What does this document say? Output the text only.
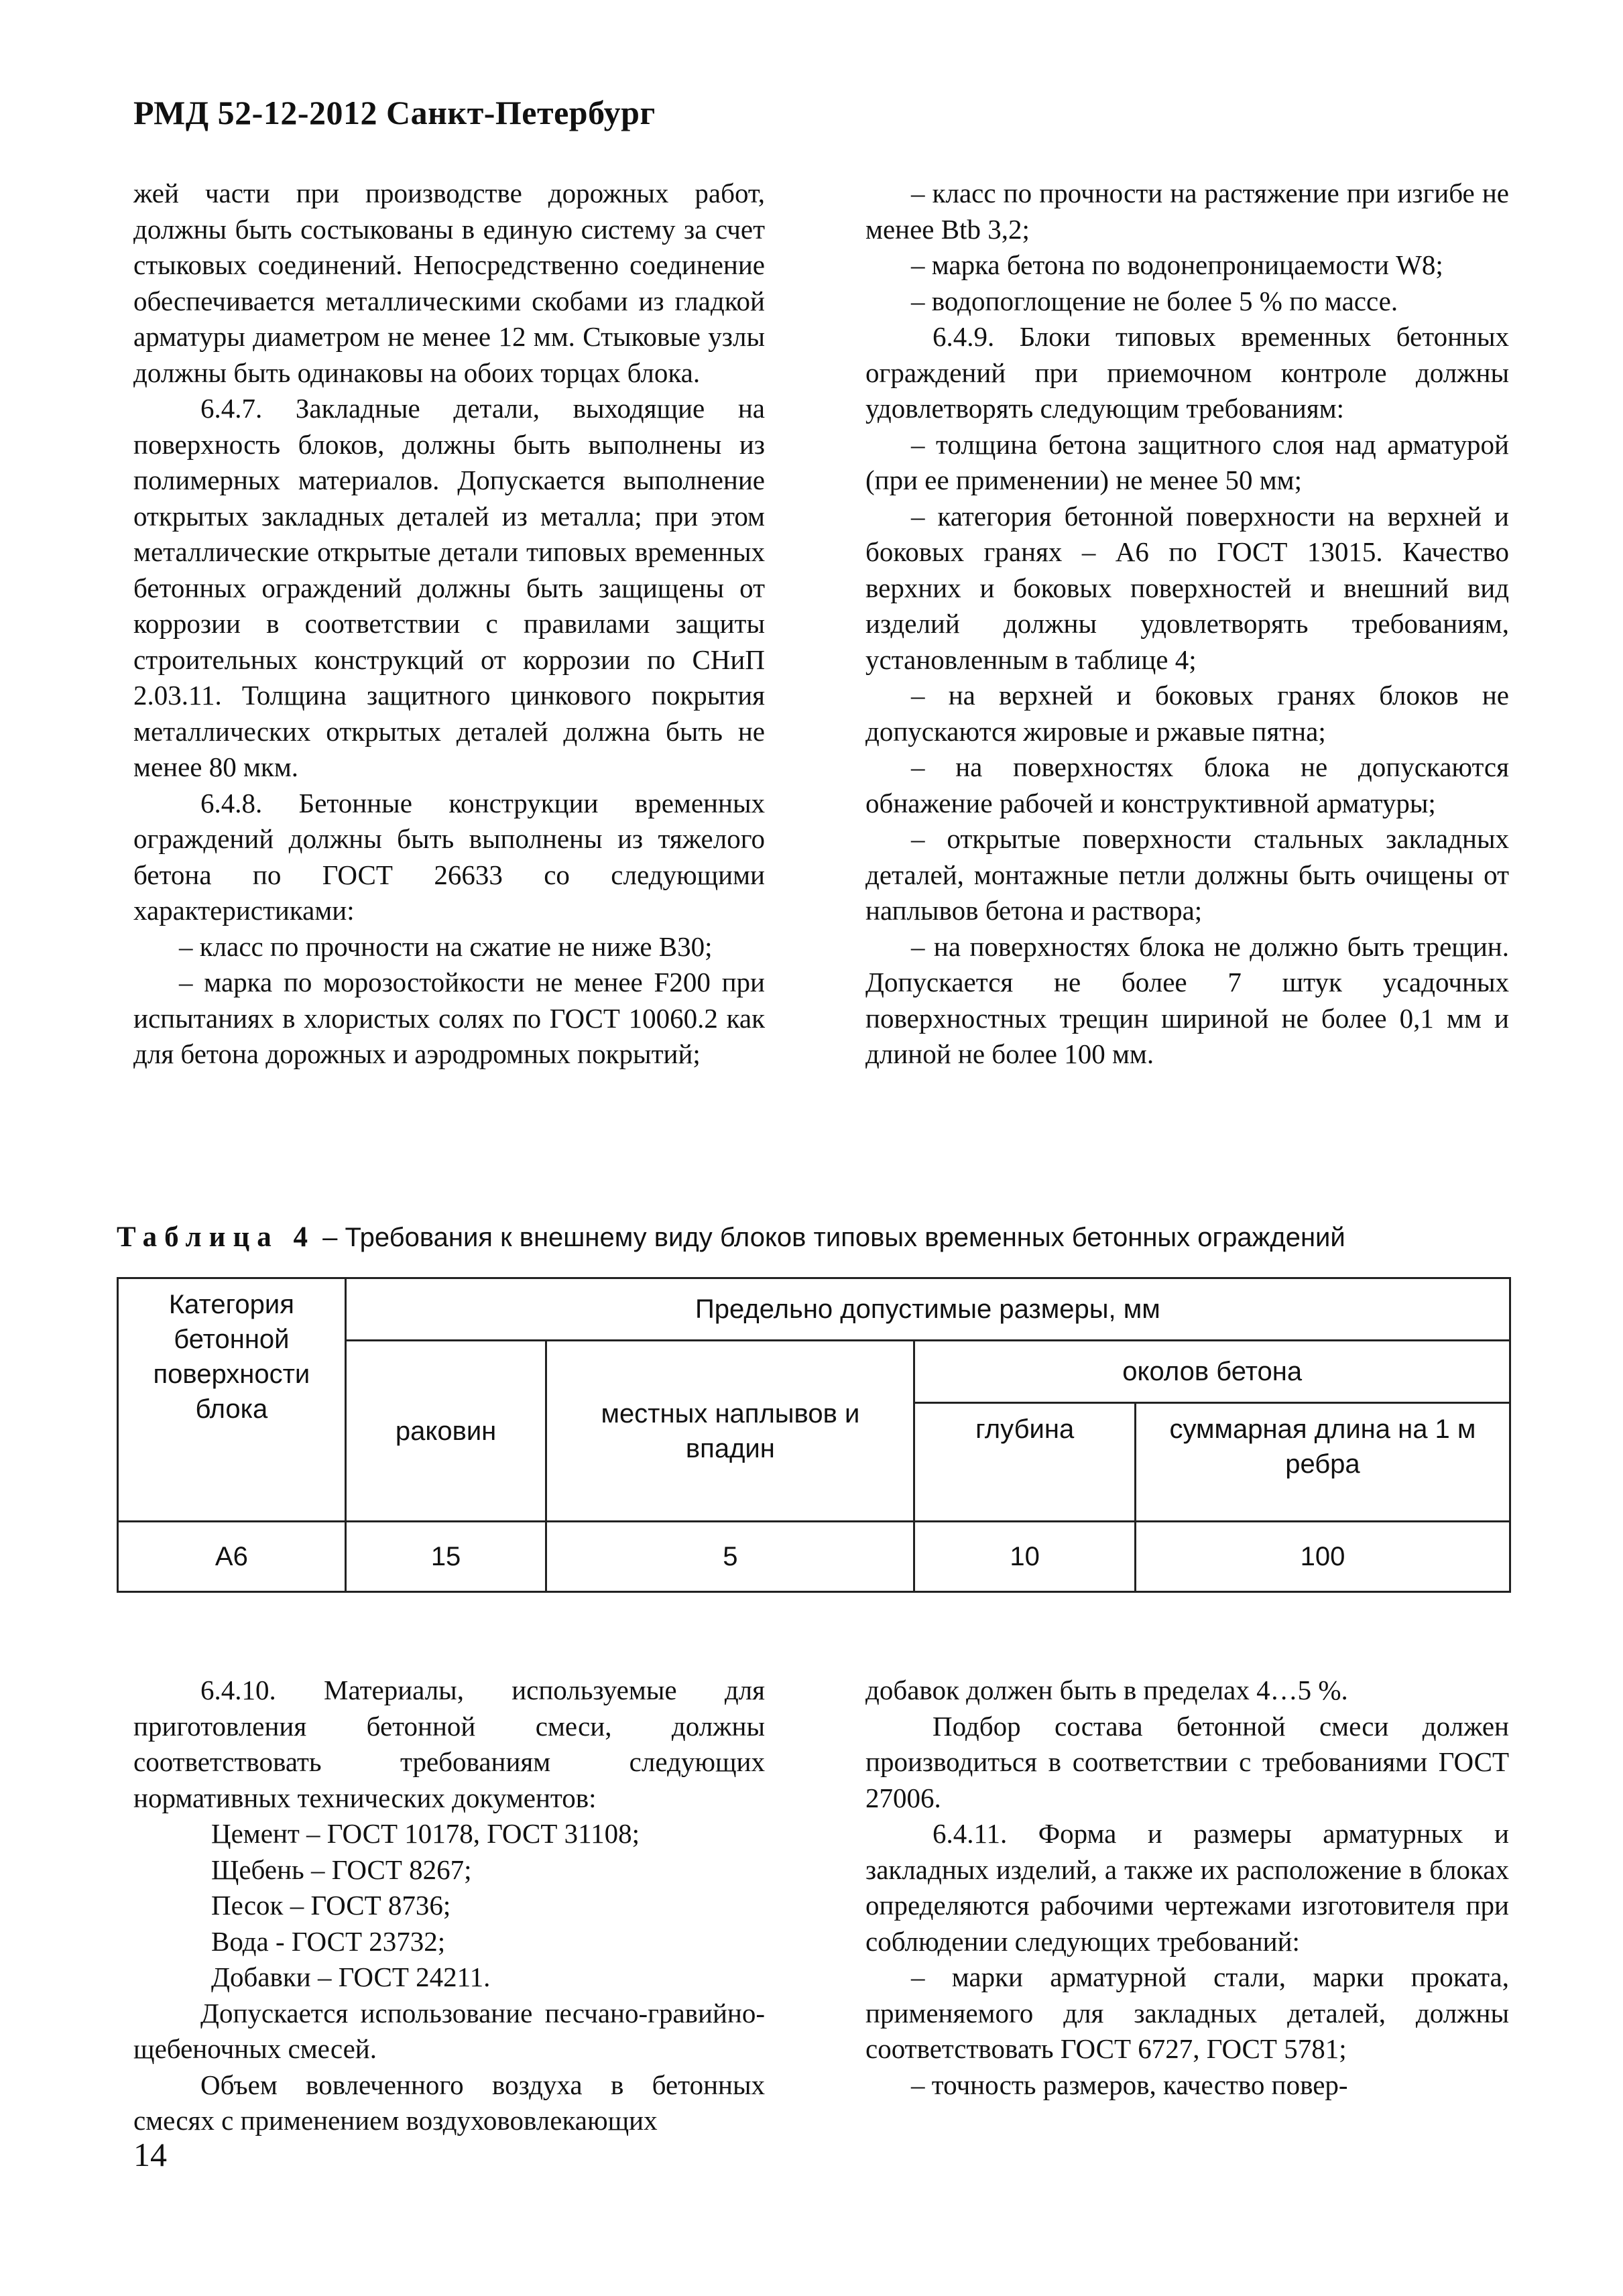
РМД 52-12-2012 Санкт-Петербург

жей части при производстве дорожных работ, должны быть состыкованы в единую систему за счет стыковых соединений. Непосредственно соединение обеспечивается металлическими скобами из гладкой арматуры диаметром не менее 12 мм. Стыковые узлы должны быть одинаковы на обоих торцах блока.

6.4.7. Закладные детали, выходящие на поверхность блоков, должны быть выполнены из полимерных материалов. Допускается выполнение открытых закладных деталей из металла; при этом металлические открытые детали типовых временных бетонных ограждений должны быть защищены от коррозии в соответствии с правилами защиты строительных конструкций от коррозии по СНиП 2.03.11. Толщина защитного цинкового покрытия металлических открытых деталей должна быть не менее 80 мкм.

6.4.8. Бетонные конструкции временных ограждений должны быть выполнены из тяжелого бетона по ГОСТ 26633 со следующими характеристиками:

– класс по прочности на сжатие не ниже В30;

– марка по морозостойкости не менее F200 при испытаниях в хлористых солях по ГОСТ 10060.2 как для бетона дорожных и аэродромных покрытий;

– класс по прочности на растяжение при изгибе не менее Btb 3,2;

– марка бетона по водонепроницаемости W8;

– водопоглощение не более 5 % по массе.

6.4.9. Блоки типовых временных бетонных ограждений при приемочном контроле должны удовлетворять следующим требованиям:

– толщина бетона защитного слоя над арматурой (при ее применении) не менее 50 мм;

– категория бетонной поверхности на верхней и боковых гранях – А6 по ГОСТ 13015. Качество верхних и боковых поверхностей и внешний вид изделий должны удовлетворять требованиям, установленным в таблице 4;

– на верхней и боковых гранях блоков не допускаются жировые и ржавые пятна;

– на поверхностях блока не допускаются обнажение рабочей и конструктивной арматуры;

– открытые поверхности стальных закладных деталей, монтажные петли должны быть очищены от наплывов бетона и раствора;

– на поверхностях блока не должно быть трещин. Допускается не более 7 штук усадочных поверхностных трещин шириной не более 0,1 мм и длиной не более 100 мм.

Таблица 4 – Требования к внешнему виду блоков типовых временных бетонных ограждений
Категория бетонной поверхности блока	Предельно допустимые размеры, мм			
	раковин	местных наплывов и впадин	околов бетона	
			глубина	суммарная длина на 1 м ребра
А6	15	5	10	100

6.4.10. Материалы, используемые для приготовления бетонной смеси, должны соответствовать требованиям следующих нормативных технических документов:

Цемент – ГОСТ 10178, ГОСТ 31108;

Щебень – ГОСТ 8267;

Песок – ГОСТ 8736;

Вода - ГОСТ 23732;

Добавки – ГОСТ 24211.

Допускается использование песчано-гравийно-щебеночных смесей.

Объем вовлеченного воздуха в бетонных смесях с применением воздухововлекающих

добавок должен быть в пределах 4…5 %.

Подбор состава бетонной смеси должен производиться в соответствии с требованиями ГОСТ 27006.

6.4.11. Форма и размеры арматурных и закладных изделий, а также их расположение в блоках определяются рабочими чертежами изготовителя при соблюдении следующих требований:

– марки арматурной стали, марки проката, применяемого для закладных деталей, должны соответствовать ГОСТ 6727, ГОСТ 5781;

– точность размеров, качество повер-

14
